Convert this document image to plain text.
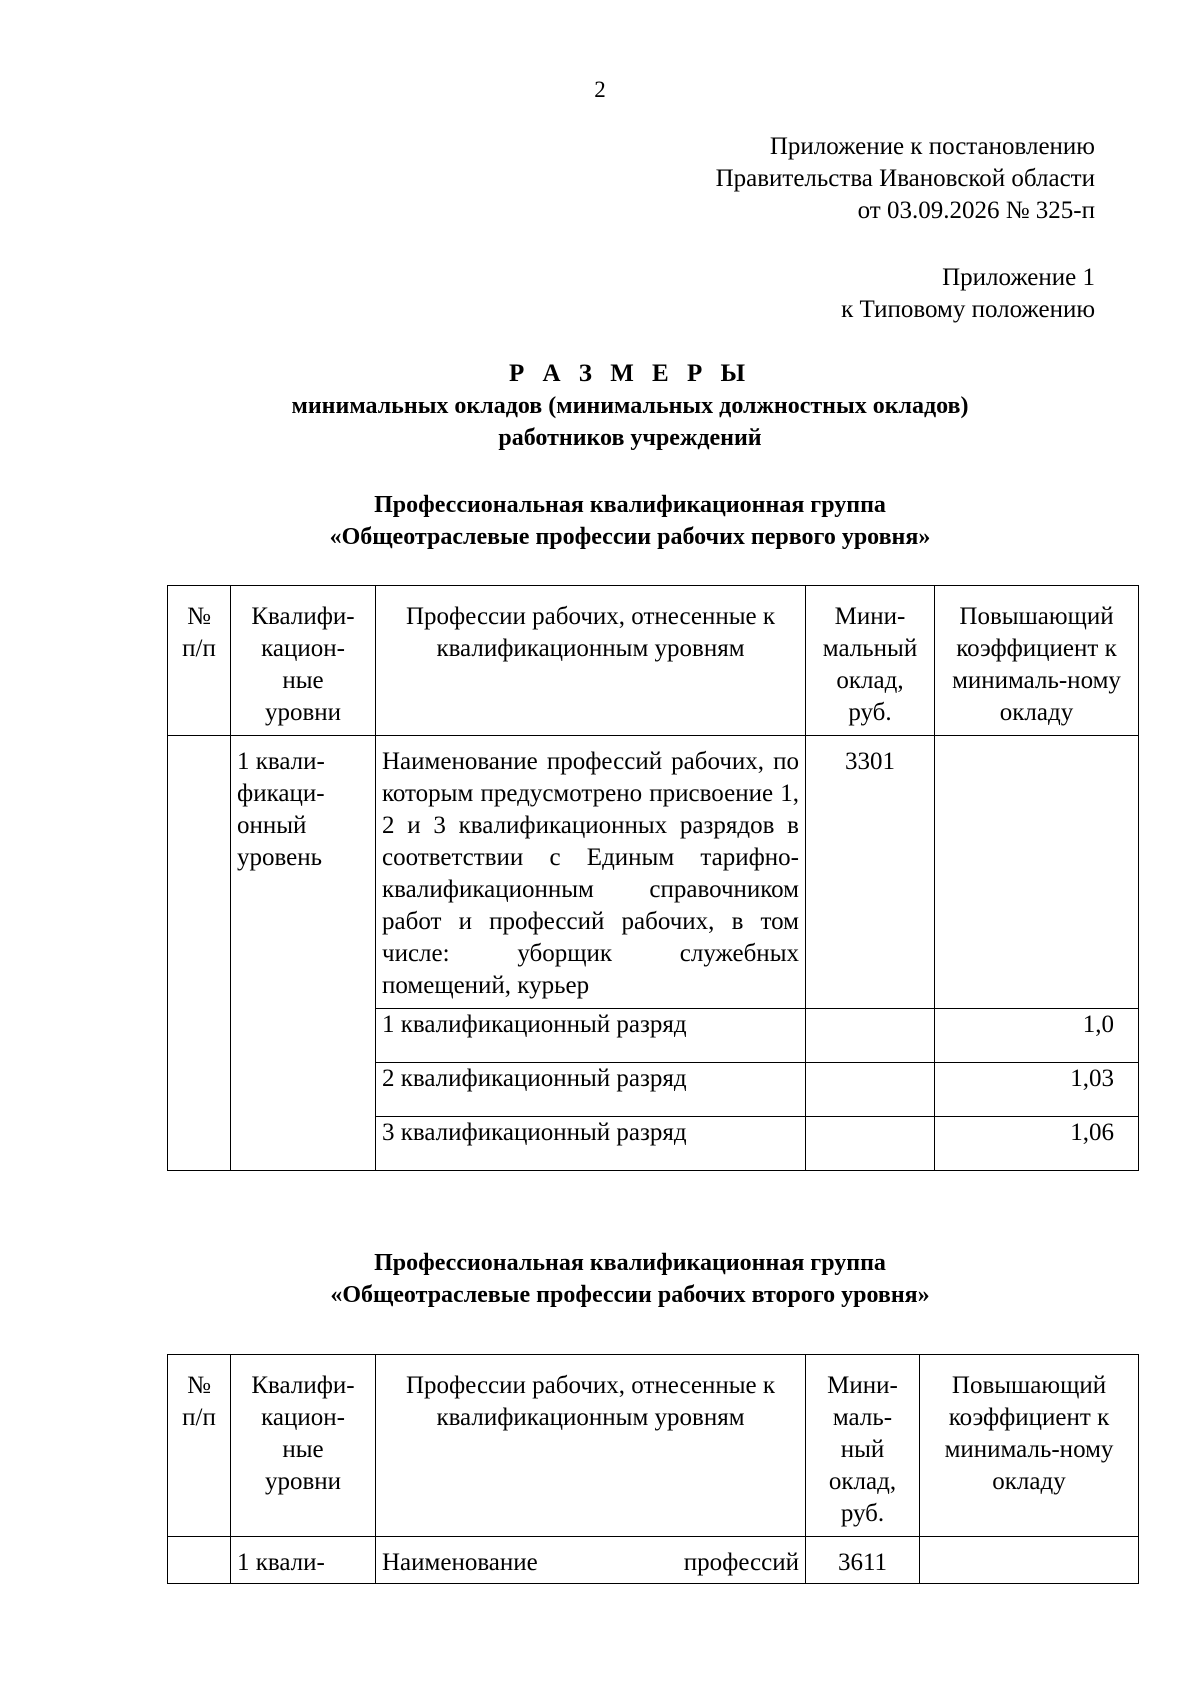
2
Приложение к постановлению
Правительства Ивановской области
от 03.09.2026 № 325-п
Приложение 1
к Типовому положению
Р А З М Е Р Ы
минимальных окладов (минимальных должностных окладов)
работников учреждений
Профессиональная квалификационная группа
«Общеотраслевые профессии рабочих первого уровня»
№ п/п	Квалифи-кацион-ные уровни	Профессии рабочих, отнесенные к квалификационным уровням	Мини-мальный оклад, руб.	Повышающий коэффициент к минималь-ному окладу
	1 квали-фикаци-онный уровень	Наименование профессий рабочих, по которым предусмотрено присвоение 1, 2 и 3 квалификационных разрядов в соответствии с Единым тарифно-квалификационным справочником работ и профессий рабочих, в том числе: уборщик служебных помещений, курьер	3301	
		1 квалификационный разряд		1,0
		2 квалификационный разряд		1,03
		3 квалификационный разряд		1,06
Профессиональная квалификационная группа
«Общеотраслевые профессии рабочих второго уровня»
№ п/п	Квалифи-кацион-ные уровни	Профессии рабочих, отнесенные к квалификационным уровням	Мини-маль-ный оклад, руб.	Повышающий коэффициент к минималь-ному окладу
	1 квали-	Наименование профессий	3611	
